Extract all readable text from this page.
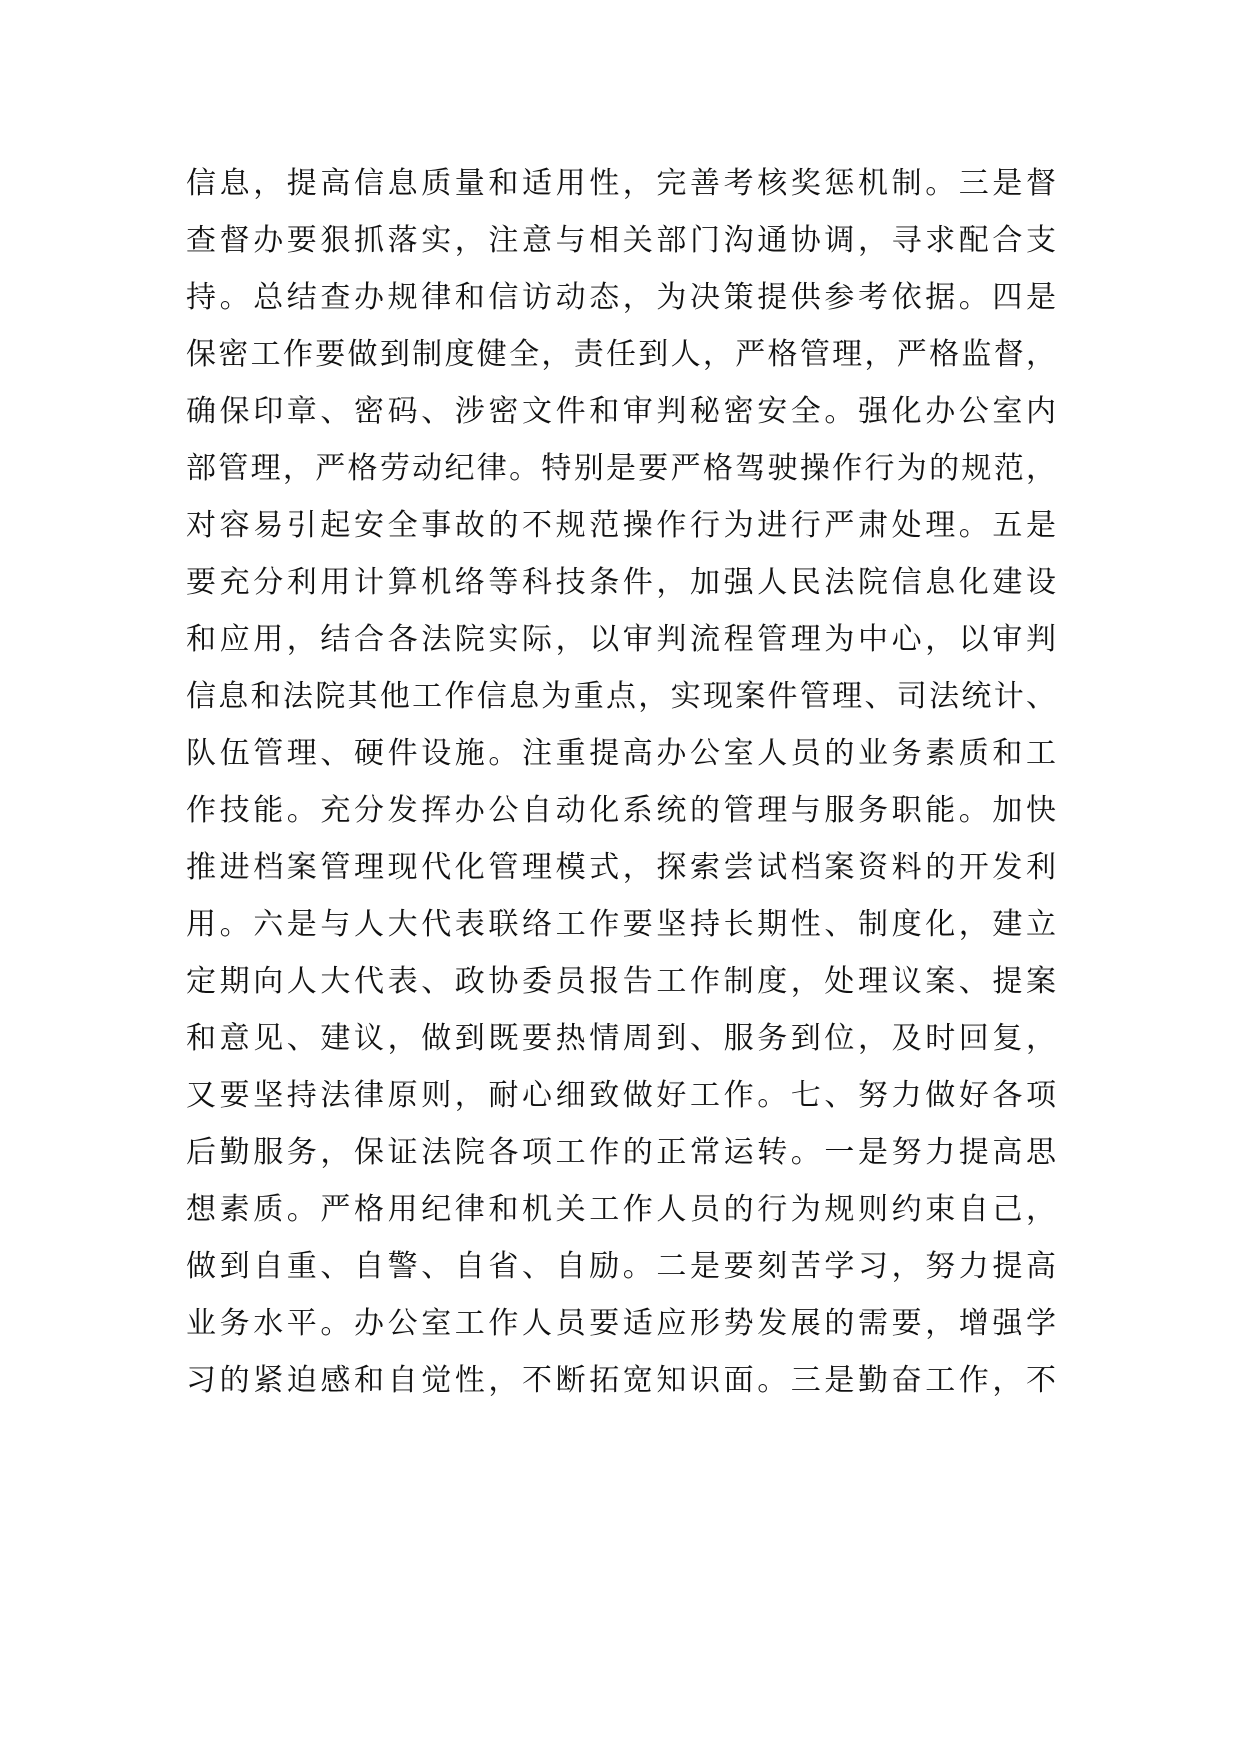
信息，提高信息质量和适用性，完善考核奖惩机制。三是督
查督办要狠抓落实，注意与相关部门沟通协调，寻求配合支
持。总结查办规律和信访动态，为决策提供参考依据。四是
保密工作要做到制度健全，责任到人，严格管理，严格监督，
确保印章、密码、涉密文件和审判秘密安全。强化办公室内
部管理，严格劳动纪律。特别是要严格驾驶操作行为的规范，
对容易引起安全事故的不规范操作行为进行严肃处理。五是
要充分利用计算机络等科技条件，加强人民法院信息化建设
和应用，结合各法院实际，以审判流程管理为中心，以审判
信息和法院其他工作信息为重点，实现案件管理、司法统计、
队伍管理、硬件设施。注重提高办公室人员的业务素质和工
作技能。充分发挥办公自动化系统的管理与服务职能。加快
推进档案管理现代化管理模式，探索尝试档案资料的开发利
用。六是与人大代表联络工作要坚持长期性、制度化，建立
定期向人大代表、政协委员报告工作制度，处理议案、提案
和意见、建议，做到既要热情周到、服务到位，及时回复，
又要坚持法律原则，耐心细致做好工作。七、努力做好各项
后勤服务，保证法院各项工作的正常运转。一是努力提高思
想素质。严格用纪律和机关工作人员的行为规则约束自己，
做到自重、自警、自省、自励。二是要刻苦学习，努力提高
业务水平。办公室工作人员要适应形势发展的需要，增强学
习的紧迫感和自觉性，不断拓宽知识面。三是勤奋工作，不
